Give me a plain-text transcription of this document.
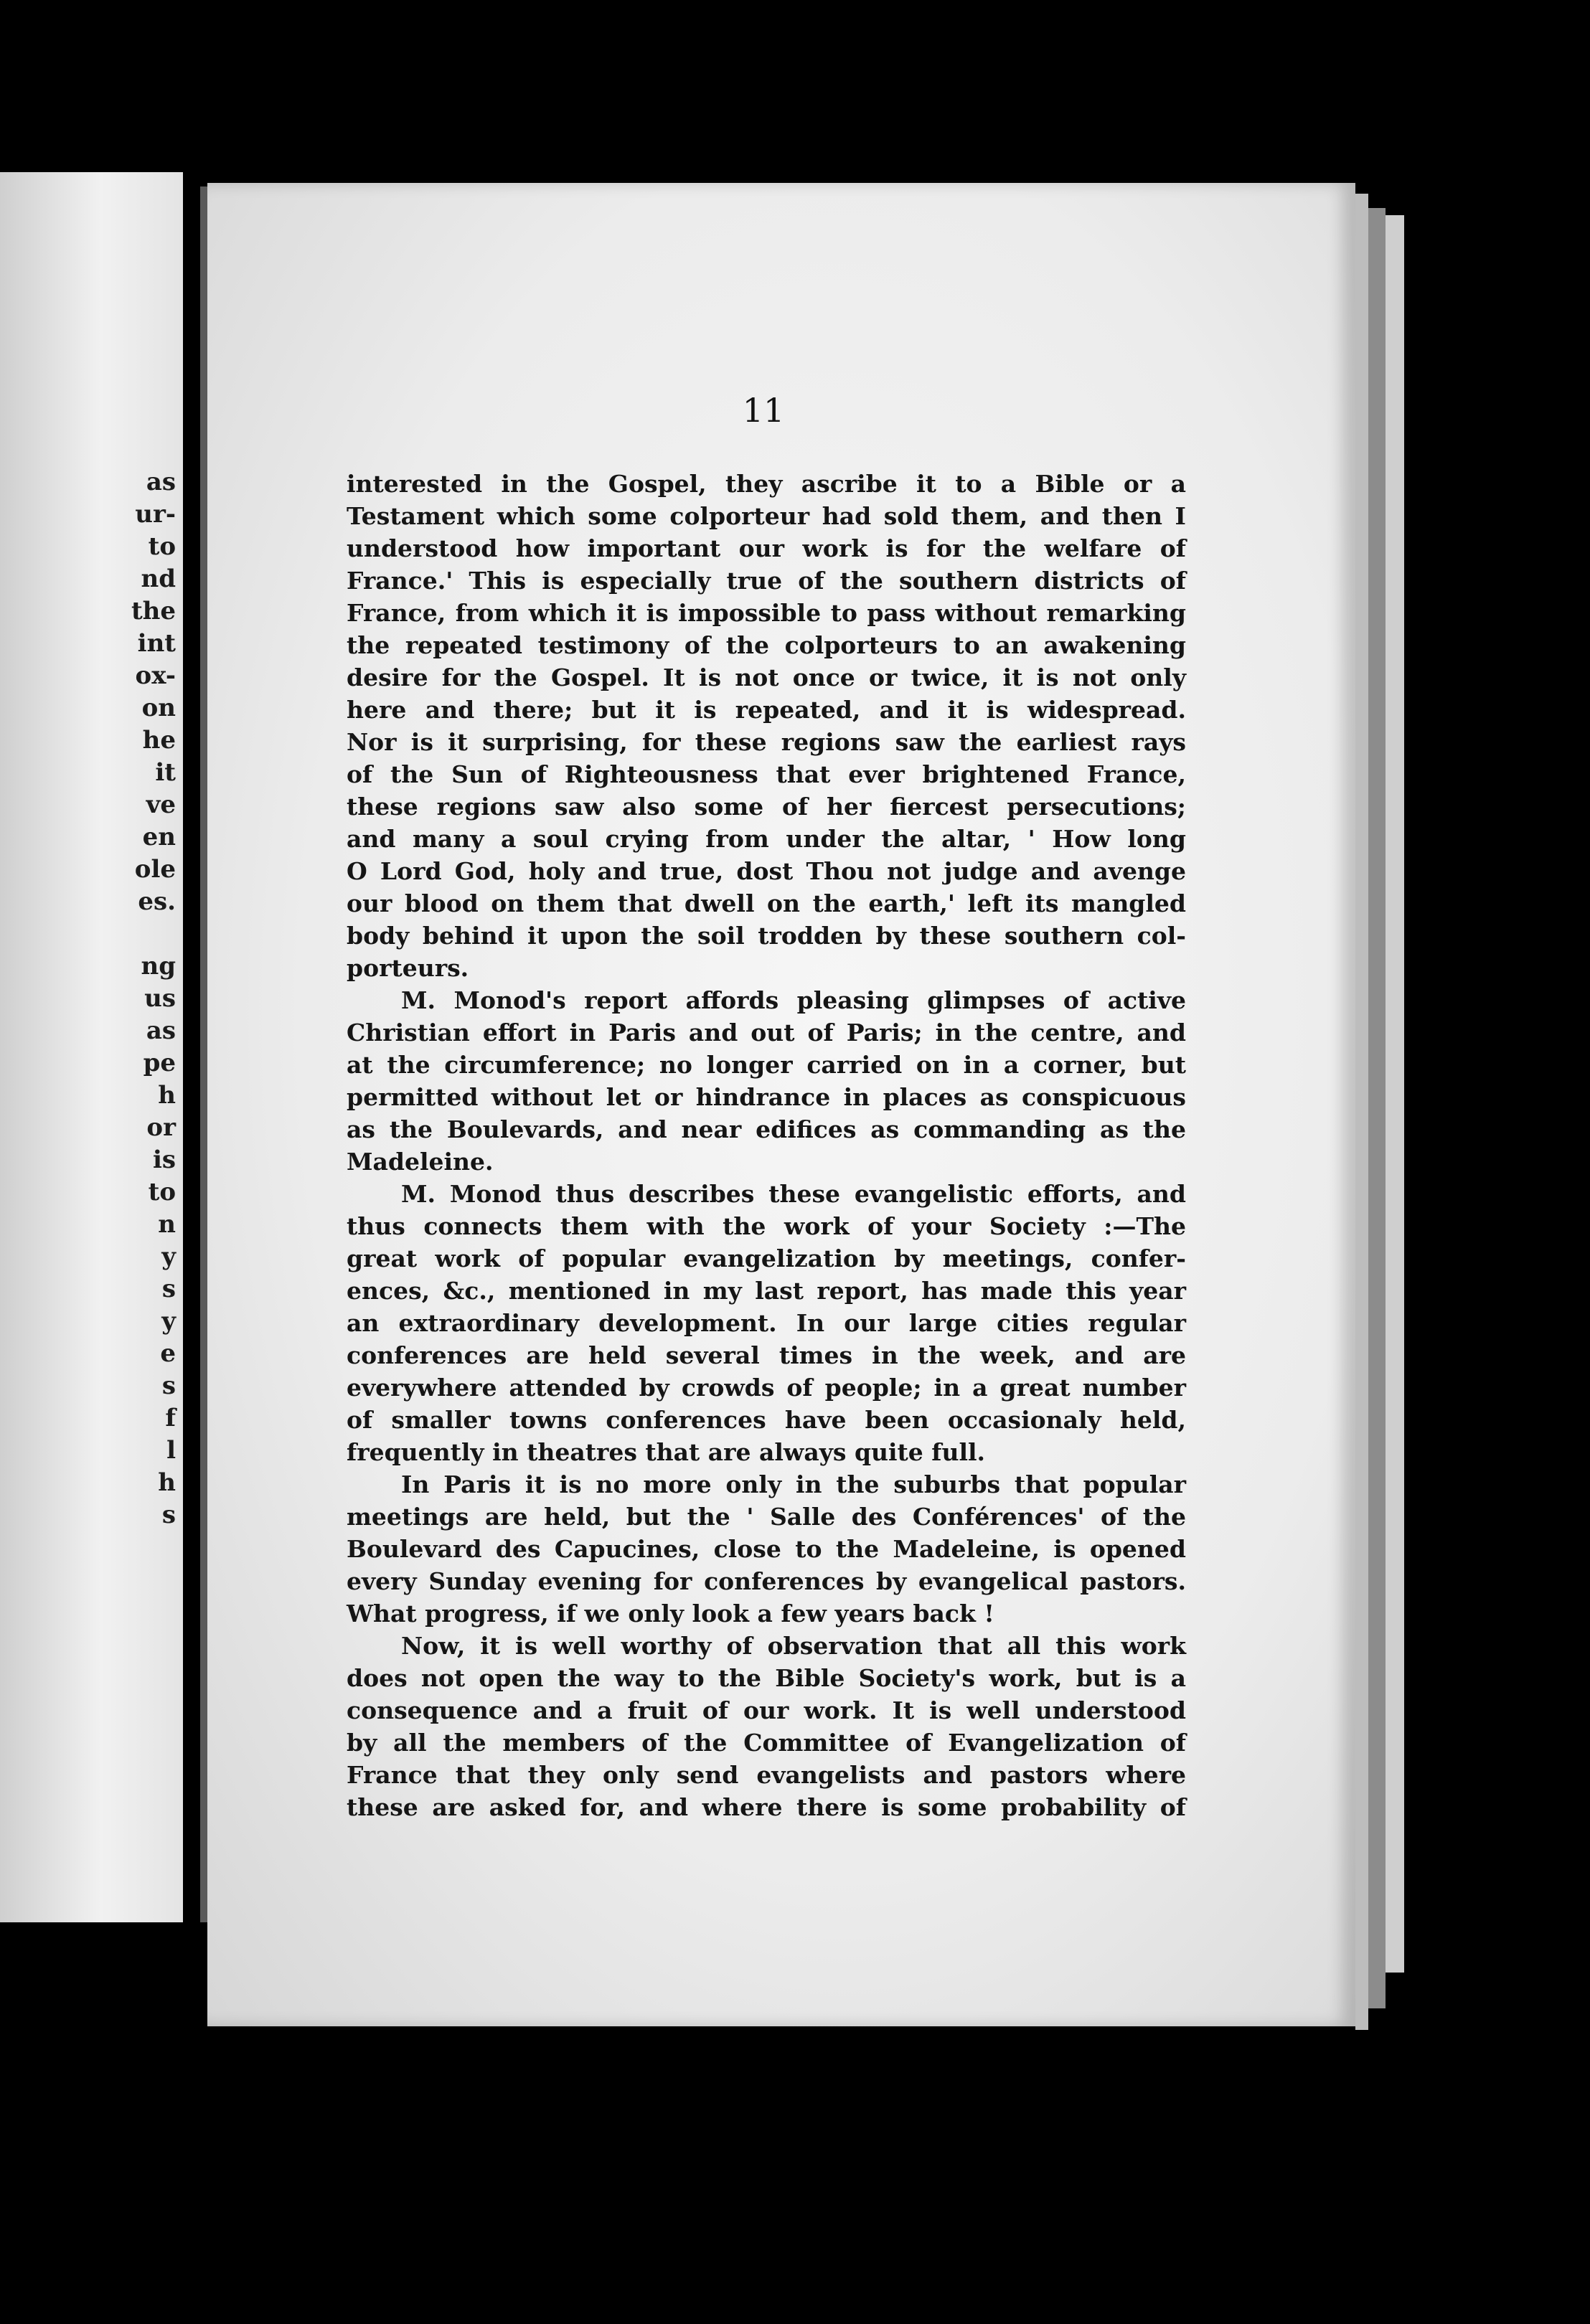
as
ur-
to
nd
the
int
ox-
on
he
it
ve
en
ole
es.
ng
us
as
pe
h
or
is
to
n
y
s
y
e
s
f
l
h
s
11

interested in the Gospel, they ascribe it to a Bible or a

Testament which some colporteur had sold them, and then I

understood how important our work is for the welfare of

France.' This is especially true of the southern districts of

France, from which it is impossible to pass without remarking

the repeated testimony of the colporteurs to an awakening

desire for the Gospel. It is not once or twice, it is not only

here and there; but it is repeated, and it is widespread.

Nor is it surprising, for these regions saw the earliest rays

of the Sun of Righteousness that ever brightened France,

these regions saw also some of her fiercest persecutions;

and many a soul crying from under the altar, ' How long

O Lord God, holy and true, dost Thou not judge and avenge

our blood on them that dwell on the earth,' left its mangled

body behind it upon the soil trodden by these southern col-

porteurs.

M. Monod's report affords pleasing glimpses of active

Christian effort in Paris and out of Paris; in the centre, and

at the circumference; no longer carried on in a corner, but

permitted without let or hindrance in places as conspicuous

as the Boulevards, and near edifices as commanding as the

Madeleine.

M. Monod thus describes these evangelistic efforts, and

thus connects them with the work of your Society :—The

great work of popular evangelization by meetings, confer-

ences, &c., mentioned in my last report, has made this year

an extraordinary development. In our large cities regular

conferences are held several times in the week, and are

everywhere attended by crowds of people; in a great number

of smaller towns conferences have been occasionaly held,

frequently in theatres that are always quite full.

In Paris it is no more only in the suburbs that popular

meetings are held, but the ' Salle des Conférences' of the

Boulevard des Capucines, close to the Madeleine, is opened

every Sunday evening for conferences by evangelical pastors.

What progress, if we only look a few years back !

Now, it is well worthy of observation that all this work

does not open the way to the Bible Society's work, but is a

consequence and a fruit of our work. It is well understood

by all the members of the Committee of Evangelization of

France that they only send evangelists and pastors where

these are asked for, and where there is some probability of
